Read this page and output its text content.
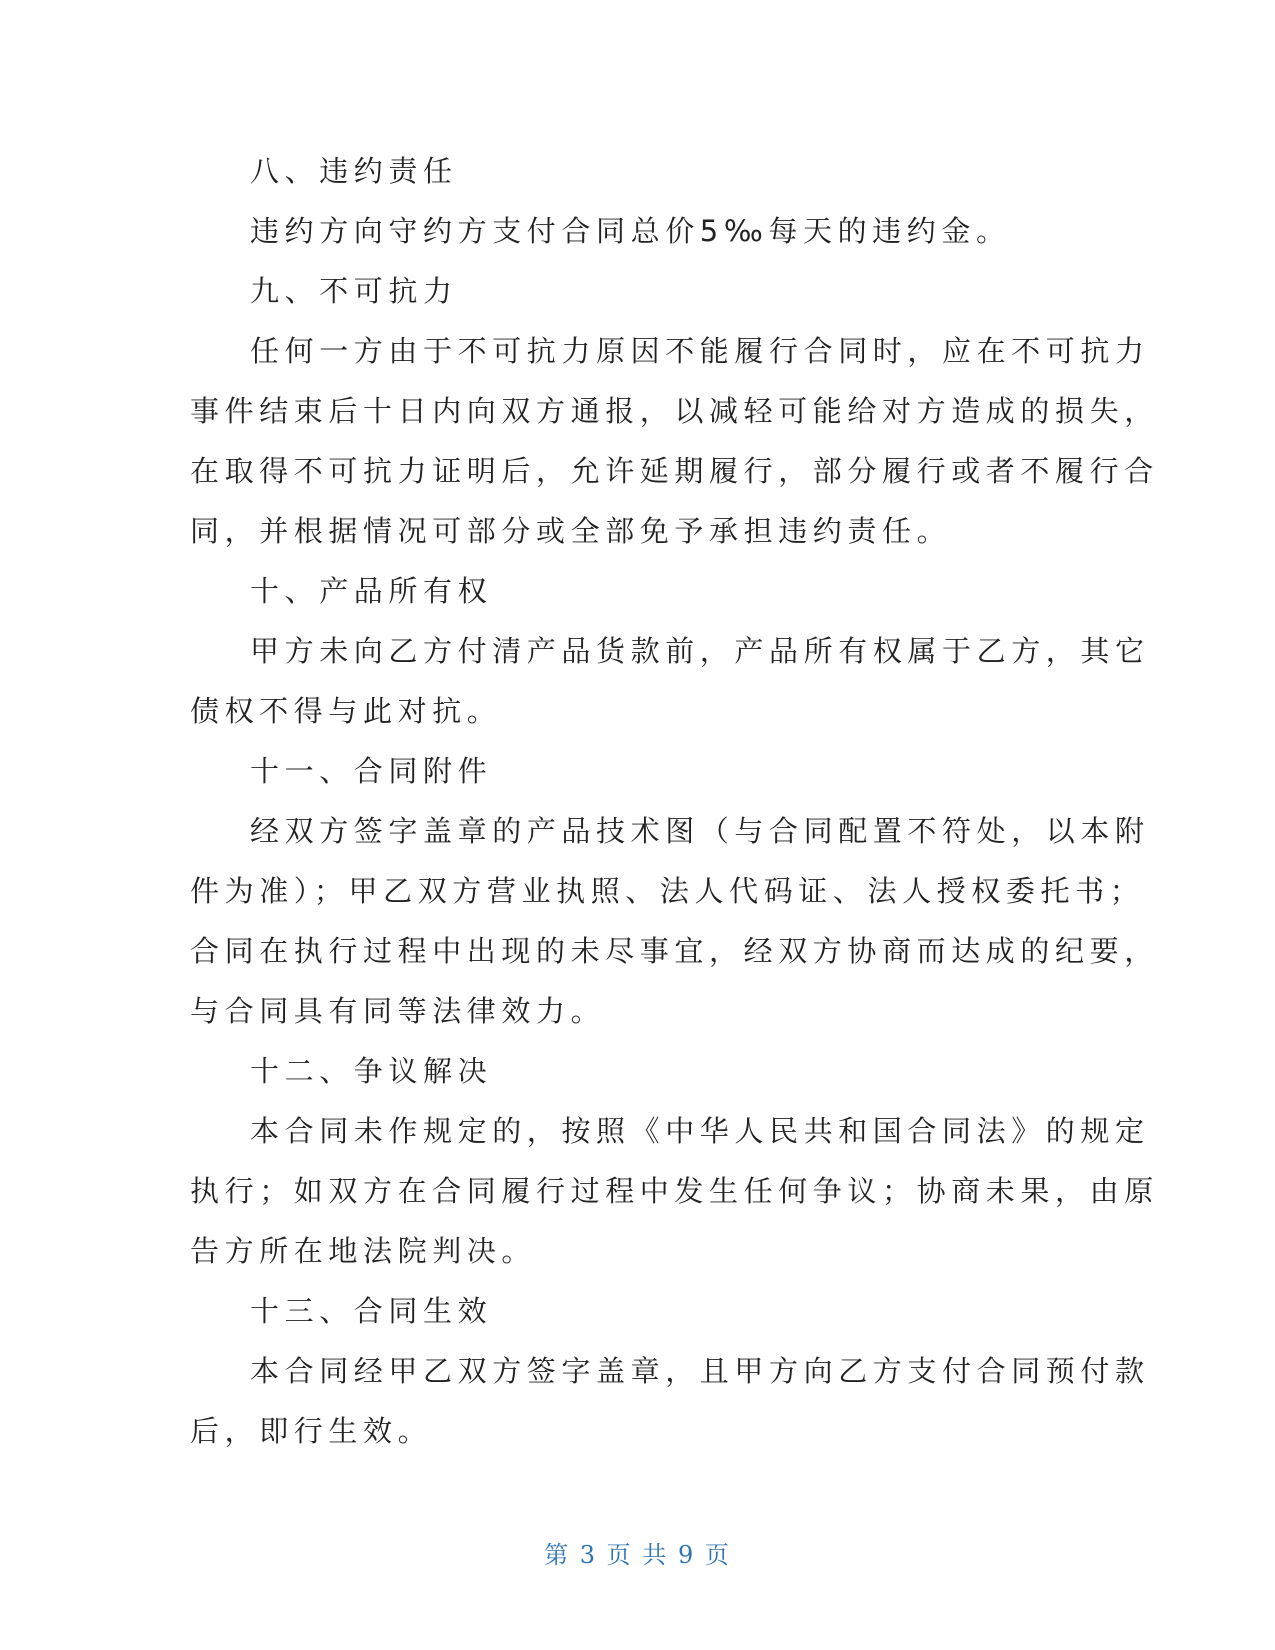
八、违约责任

违约方向守约方支付合同总价5‰每天的违约金。

九、不可抗力

任何一方由于不可抗力原因不能履行合同时，应在不可抗力

事件结束后十日内向双方通报，以减轻可能给对方造成的损失，

在取得不可抗力证明后，允许延期履行，部分履行或者不履行合

同，并根据情况可部分或全部免予承担违约责任。

十、产品所有权

甲方未向乙方付清产品货款前，产品所有权属于乙方，其它

债权不得与此对抗。

十一、合同附件

经双方签字盖章的产品技术图（与合同配置不符处，以本附

件为准）；甲乙双方营业执照、法人代码证、法人授权委托书；

合同在执行过程中出现的未尽事宜，经双方协商而达成的纪要，

与合同具有同等法律效力。

十二、争议解决

本合同未作规定的，按照《中华人民共和国合同法》的规定

执行；如双方在合同履行过程中发生任何争议；协商未果，由原

告方所在地法院判决。

十三、合同生效

本合同经甲乙双方签字盖章，且甲方向乙方支付合同预付款

后，即行生效。

第 3 页 共 9 页
